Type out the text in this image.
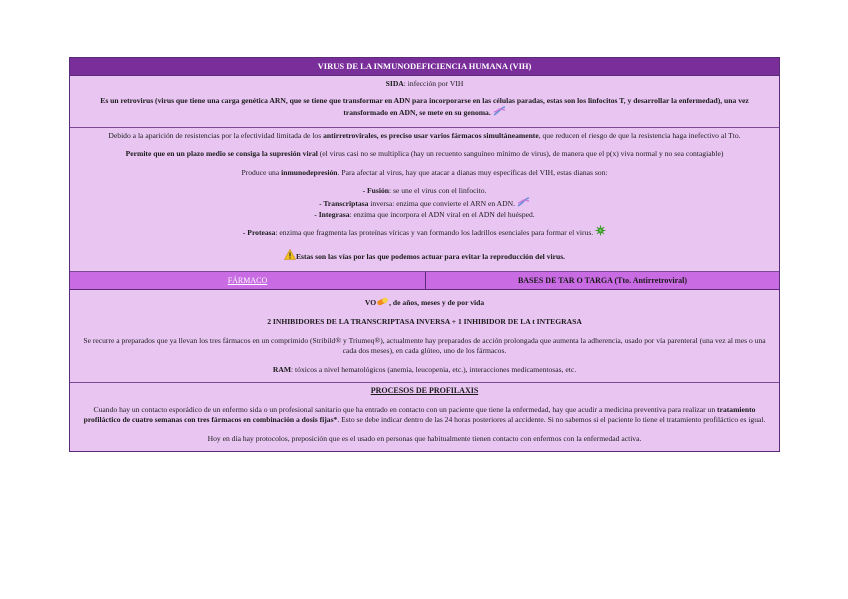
VIRUS DE LA INMUNODEFICIENCIA HUMANA (VIH)

SIDA: infección por VIH

Es un retrovirus (virus que tiene una carga genética ARN, que se tiene que transformar en ADN para incorporarse en las células paradas, estas son los linfocitos T, y desarrollar la enfermedad), una vez transformado en ADN, se mete en su genoma.

Debido a la aparición de resistencias por la efectividad limitada de los antirretrovirales, es preciso usar varios fármacos simultáneamente, que reducen el riesgo de que la resistencia haga inefectivo al Tto.

Permite que en un plazo medio se consiga la supresión viral (el virus casi no se multiplica (hay un recuento sanguíneo mínimo de virus), de manera que el p(x) viva normal y no sea contagiable)

Produce una inmunodepresión. Para afectar al virus, hay que atacar a dianas muy específicas del VIH, estas dianas son:

- Fusión: se une el virus con el linfocito.

- Transcriptasa inversa: enzima que convierte el ARN en ADN.

- Integrasa: enzima que incorpora el ADN viral en el ADN del huésped.

- Proteasa: enzima que fragmenta las proteínas víricas y van formando los ladrillos esenciales para formar el virus.

Estas son las vías por las que podemos actuar para evitar la reproducción del virus.

FÁRMACO	BASES DE TAR O TARGA (Tto. Antirretroviral)

VO , de años, meses y de por vida

2 INHIBIDORES DE LA TRANSCRIPTASA INVERSA + 1 INHIBIDOR DE LA t INTEGRASA

Se recurre a preparados que ya llevan los tres fármacos en un comprimido (Stribild® y Triumeq®), actualmente hay preparados de acción prolongada que aumenta la adherencia, usado por vía parenteral (una vez al mes o una cada dos meses), en cada glúteo, uno de los fármacos.

RAM: tóxicos a nivel hematológicos (anemia, leucopenia, etc.), interacciones medicamentosas, etc.

PROCESOS DE PROFILAXIS

Cuando hay un contacto esporádico de un enfermo sida o un profesional sanitario que ha entrado en contacto con un paciente que tiene la enfermedad, hay que acudir a medicina preventiva para realizar un tratamiento profiláctico de cuatro semanas con tres fármacos en combinación a dosis fijas*. Esto se debe indicar dentro de las 24 horas posteriores al accidente. Si no sabemos si el paciente lo tiene el tratamiento profiláctico es igual.

Hoy en día hay protocolos, preposición que es el usado en personas que habitualmente tienen contacto con enfermos con la enfermedad activa.
